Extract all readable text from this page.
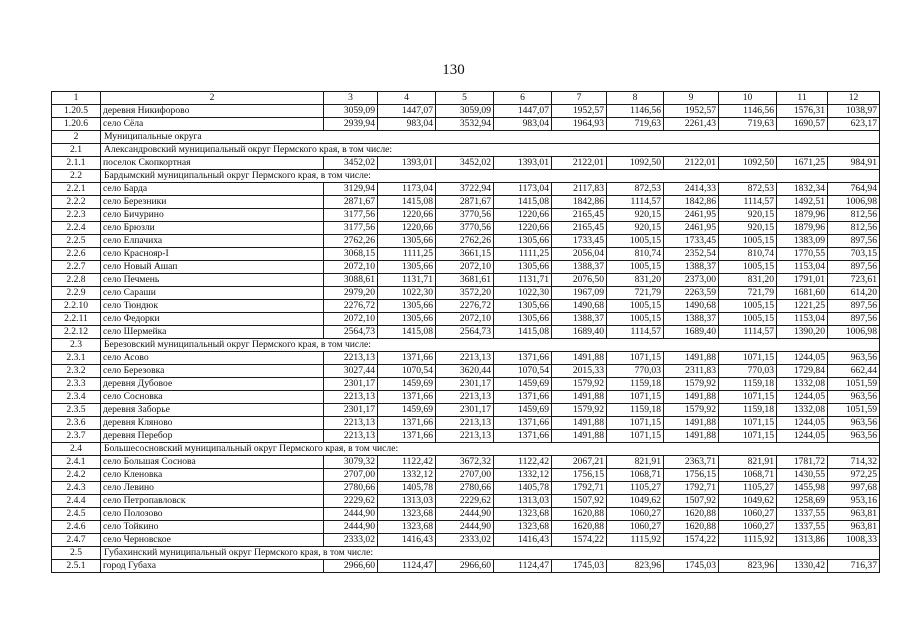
130
1	2	3	4	5	6	7	8	9	10	11	12
1.20.5	деревня Никифорово	3059,09	1447,07	3059,09	1447,07	1952,57	1146,56	1952,57	1146,56	1576,31	1038,97
1.20.6	село Сёла	2939,94	983,04	3532,94	983,04	1964,93	719,63	2261,43	719,63	1690,57	623,17
2	Муниципальные округа										
2.1	Александровский муниципальный округ Пермского края, в том числе:										
2.1.1	поселок Скопкортная	3452,02	1393,01	3452,02	1393,01	2122,01	1092,50	2122,01	1092,50	1671,25	984,91
2.2	Бардымский муниципальный округ Пермского края, в том числе:										
2.2.1	село Барда	3129,94	1173,04	3722,94	1173,04	2117,83	872,53	2414,33	872,53	1832,34	764,94
2.2.2	село Березники	2871,67	1415,08	2871,67	1415,08	1842,86	1114,57	1842,86	1114,57	1492,51	1006,98
2.2.3	село Бичурино	3177,56	1220,66	3770,56	1220,66	2165,45	920,15	2461,95	920,15	1879,96	812,56
2.2.4	село Брюзли	3177,56	1220,66	3770,56	1220,66	2165,45	920,15	2461,95	920,15	1879,96	812,56
2.2.5	село Елпачиха	2762,26	1305,66	2762,26	1305,66	1733,45	1005,15	1733,45	1005,15	1383,09	897,56
2.2.6	село Краснояр-I	3068,15	1111,25	3661,15	1111,25	2056,04	810,74	2352,54	810,74	1770,55	703,15
2.2.7	село Новый Ашап	2072,10	1305,66	2072,10	1305,66	1388,37	1005,15	1388,37	1005,15	1153,04	897,56
2.2.8	село Печмень	3088,61	1131,71	3681,61	1131,71	2076,50	831,20	2373,00	831,20	1791,01	723,61
2.2.9	село Сараши	2979,20	1022,30	3572,20	1022,30	1967,09	721,79	2263,59	721,79	1681,60	614,20
2.2.10	село Тюндюк	2276,72	1305,66	2276,72	1305,66	1490,68	1005,15	1490,68	1005,15	1221,25	897,56
2.2.11	село Федорки	2072,10	1305,66	2072,10	1305,66	1388,37	1005,15	1388,37	1005,15	1153,04	897,56
2.2.12	село Шермейка	2564,73	1415,08	2564,73	1415,08	1689,40	1114,57	1689,40	1114,57	1390,20	1006,98
2.3	Березовский муниципальный округ Пермского края, в том числе:										
2.3.1	село Асово	2213,13	1371,66	2213,13	1371,66	1491,88	1071,15	1491,88	1071,15	1244,05	963,56
2.3.2	село Березовка	3027,44	1070,54	3620,44	1070,54	2015,33	770,03	2311,83	770,03	1729,84	662,44
2.3.3	деревня Дубовое	2301,17	1459,69	2301,17	1459,69	1579,92	1159,18	1579,92	1159,18	1332,08	1051,59
2.3.4	село Сосновка	2213,13	1371,66	2213,13	1371,66	1491,88	1071,15	1491,88	1071,15	1244,05	963,56
2.3.5	деревня Заборье	2301,17	1459,69	2301,17	1459,69	1579,92	1159,18	1579,92	1159,18	1332,08	1051,59
2.3.6	деревня Кляново	2213,13	1371,66	2213,13	1371,66	1491,88	1071,15	1491,88	1071,15	1244,05	963,56
2.3.7	деревня Перебор	2213,13	1371,66	2213,13	1371,66	1491,88	1071,15	1491,88	1071,15	1244,05	963,56
2.4	Большесосновский муниципальный округ Пермского края, в том числе:										
2.4.1	село Большая Соснова	3079,32	1122,42	3672,32	1122,42	2067,21	821,91	2363,71	821,91	1781,72	714,32
2.4.2	село Кленовка	2707,00	1332,12	2707,00	1332,12	1756,15	1068,71	1756,15	1068,71	1430,55	972,25
2.4.3	село Левино	2780,66	1405,78	2780,66	1405,78	1792,71	1105,27	1792,71	1105,27	1455,98	997,68
2.4.4	село Петропавловск	2229,62	1313,03	2229,62	1313,03	1507,92	1049,62	1507,92	1049,62	1258,69	953,16
2.4.5	село Полозово	2444,90	1323,68	2444,90	1323,68	1620,88	1060,27	1620,88	1060,27	1337,55	963,81
2.4.6	село Тойкино	2444,90	1323,68	2444,90	1323,68	1620,88	1060,27	1620,88	1060,27	1337,55	963,81
2.4.7	село Черновское	2333,02	1416,43	2333,02	1416,43	1574,22	1115,92	1574,22	1115,92	1313,86	1008,33
2.5	Губахинский муниципальный округ Пермского края, в том числе:										
2.5.1	город Губаха	2966,60	1124,47	2966,60	1124,47	1745,03	823,96	1745,03	823,96	1330,42	716,37
